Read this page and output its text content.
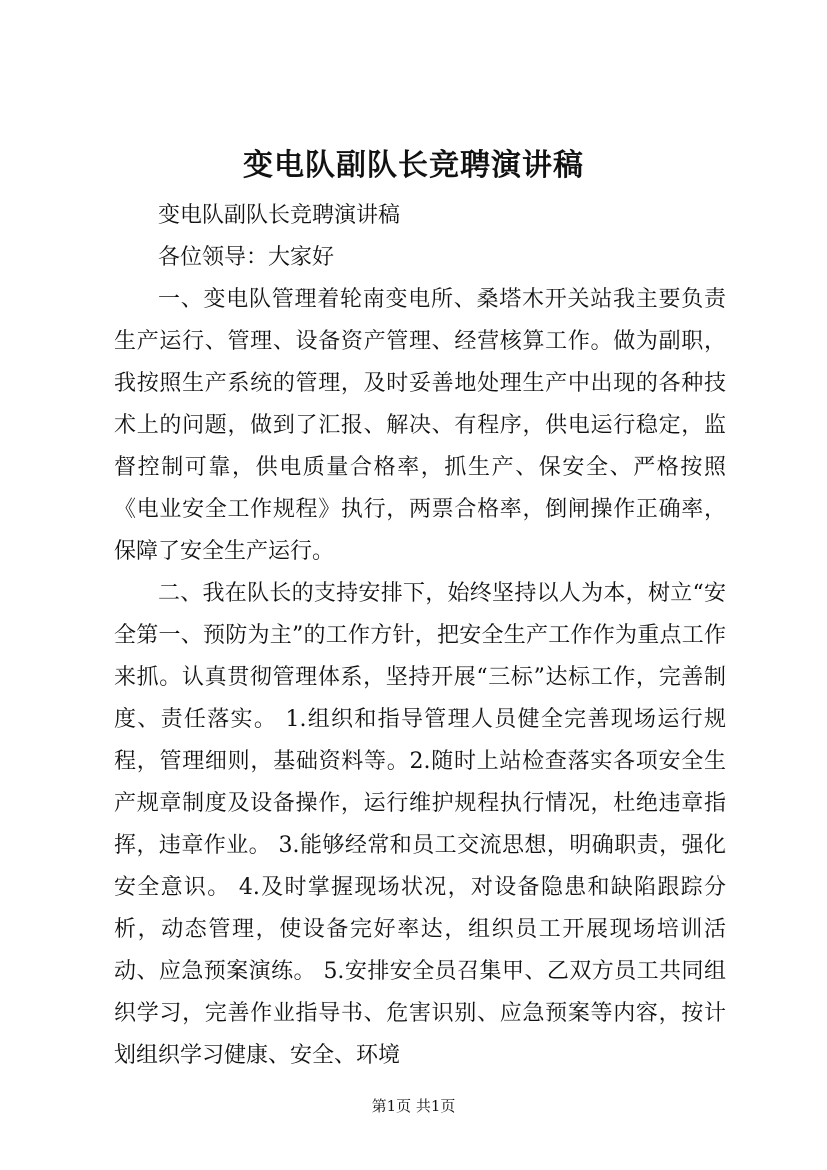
变电队副队长竞聘演讲稿

变电队副队长竞聘演讲稿

各位领导：大家好

一、变电队管理着轮南变电所、桑塔木开关站我主要负责生产运行、管理、设备资产管理、经营核算工作。做为副职，我按照生产系统的管理，及时妥善地处理生产中出现的各种技术上的问题，做到了汇报、解决、有程序，供电运行稳定，监督控制可靠，供电质量合格率，抓生产、保安全、严格按照《电业安全工作规程》执行，两票合格率，倒闸操作正确率，保障了安全生产运行。

二、我在队长的支持安排下，始终坚持以人为本，树立“安全第一、预防为主”的工作方针，把安全生产工作作为重点工作来抓。认真贯彻管理体系，坚持开展“三标”达标工作，完善制度、责任落实。 1.组织和指导管理人员健全完善现场运行规程，管理细则，基础资料等。2.随时上站检查落实各项安全生产规章制度及设备操作，运行维护规程执行情况，杜绝违章指挥，违章作业。 3.能够经常和员工交流思想，明确职责，强化安全意识。 4.及时掌握现场状况，对设备隐患和缺陷跟踪分析，动态管理，使设备完好率达，组织员工开展现场培训活动、应急预案演练。 5.安排安全员召集甲、乙双方员工共同组织学习，完善作业指导书、危害识别、应急预案等内容，按计划组织学习健康、安全、环境

第1页 共1页
